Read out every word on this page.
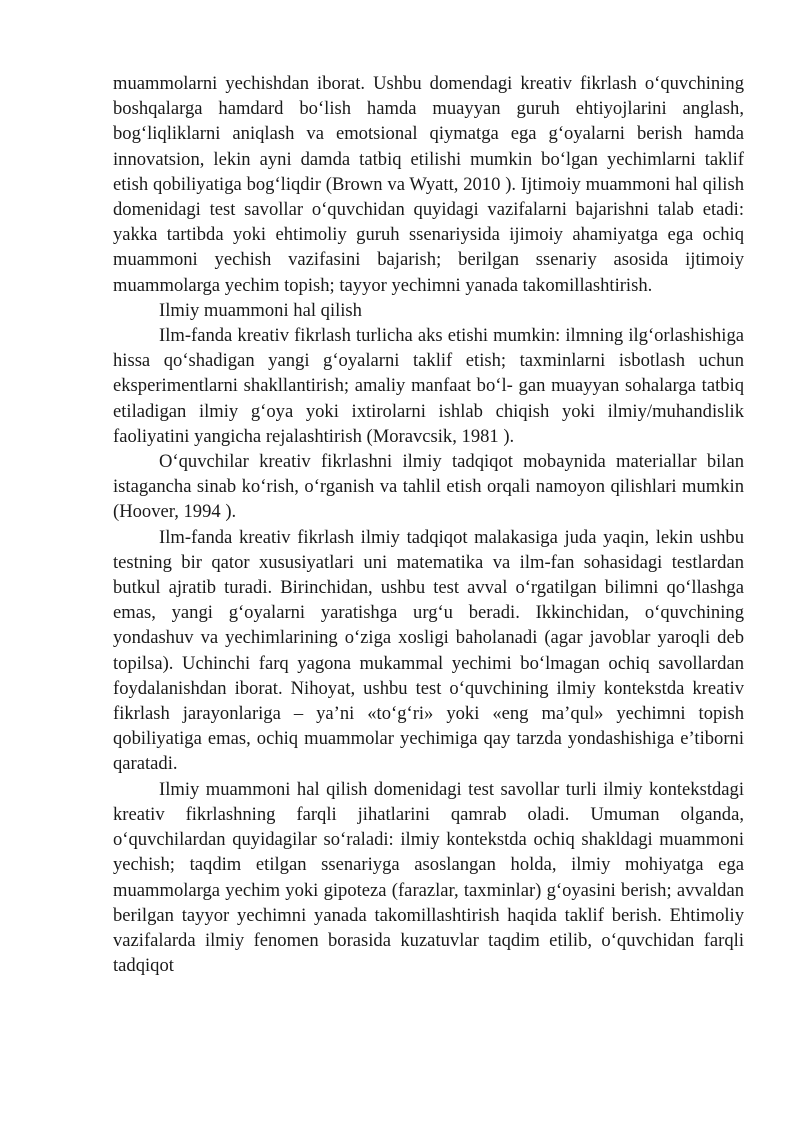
muammolarni yechishdan iborat. Ushbu domendagi kreativ fikrlash o‘quvchining boshqalarga hamdard bo‘lish hamda muayyan guruh ehtiyojlarini anglash, bog‘liqliklarni aniqlash va emotsional qiymatga ega g‘oyalarni berish hamda innovatsion, lekin ayni damda tatbiq etilishi mumkin bo‘lgan yechimlarni taklif etish qobiliyatiga bog‘liqdir (Brown va Wyatt, 2010 ). Ijtimoiy muammoni hal qilish domenidagi test savollar o‘quvchidan quyidagi vazifalarni bajarishni talab etadi: yakka tartibda yoki ehtimoliy guruh ssenariysida ijimoiy ahamiyatga ega ochiq muammoni yechish vazifasini bajarish; berilgan ssenariy asosida ijtimoiy muammolarga yechim topish; tayyor yechimni yanada takomillashtirish.

Ilmiy muammoni hal qilish

Ilm-fanda kreativ fikrlash turlicha aks etishi mumkin: ilmning ilg‘orlashishiga hissa qo‘shadigan yangi g‘oyalarni taklif etish; taxminlarni isbotlash uchun eksperimentlarni shakllantirish; amaliy manfaat bo‘l- gan muayyan sohalarga tatbiq etiladigan ilmiy g‘oya yoki ixtirolarni ishlab chiqish yoki ilmiy/muhandislik faoliyatini yangicha rejalashtirish (Moravcsik, 1981 ).

O‘quvchilar kreativ fikrlashni ilmiy tadqiqot mobaynida materiallar bilan istagancha sinab ko‘rish, o‘rganish va tahlil etish orqali namoyon qilishlari mumkin (Hoover, 1994 ).

Ilm-fanda kreativ fikrlash ilmiy tadqiqot malakasiga juda yaqin, lekin ushbu testning bir qator xususiyatlari uni matematika va ilm-fan sohasidagi testlardan butkul ajratib turadi. Birinchidan, ushbu test avval o‘rgatilgan bilimni qo‘llashga emas, yangi g‘oyalarni yaratishga urg‘u beradi. Ikkinchidan, o‘quvchining yondashuv va yechimlarining o‘ziga xosligi baholanadi (agar javoblar yaroqli deb topilsa). Uchinchi farq yagona mukammal yechimi bo‘lmagan ochiq savollardan foydalanishdan iborat. Nihoyat, ushbu test o‘quvchining ilmiy kontekstda kreativ fikrlash jarayonlariga – ya’ni «to‘g‘ri» yoki «eng ma’qul» yechimni topish qobiliyatiga emas, ochiq muammolar yechimiga qay tarzda yondashishiga e’tiborni qaratadi.

Ilmiy muammoni hal qilish domenidagi test savollar turli ilmiy kontekstdagi kreativ fikrlashning farqli jihatlarini qamrab oladi. Umuman olganda, o‘quvchilardan quyidagilar so‘raladi: ilmiy kontekstda ochiq shakldagi muammoni yechish; taqdim etilgan ssenariyga asoslangan holda, ilmiy mohiyatga ega muammolarga yechim yoki gipoteza (farazlar, taxminlar) g‘oyasini berish; avvaldan berilgan tayyor yechimni yanada takomillashtirish haqida taklif berish. Ehtimoliy vazifalarda ilmiy fenomen borasida kuzatuvlar taqdim etilib, o‘quvchidan farqli tadqiqot
